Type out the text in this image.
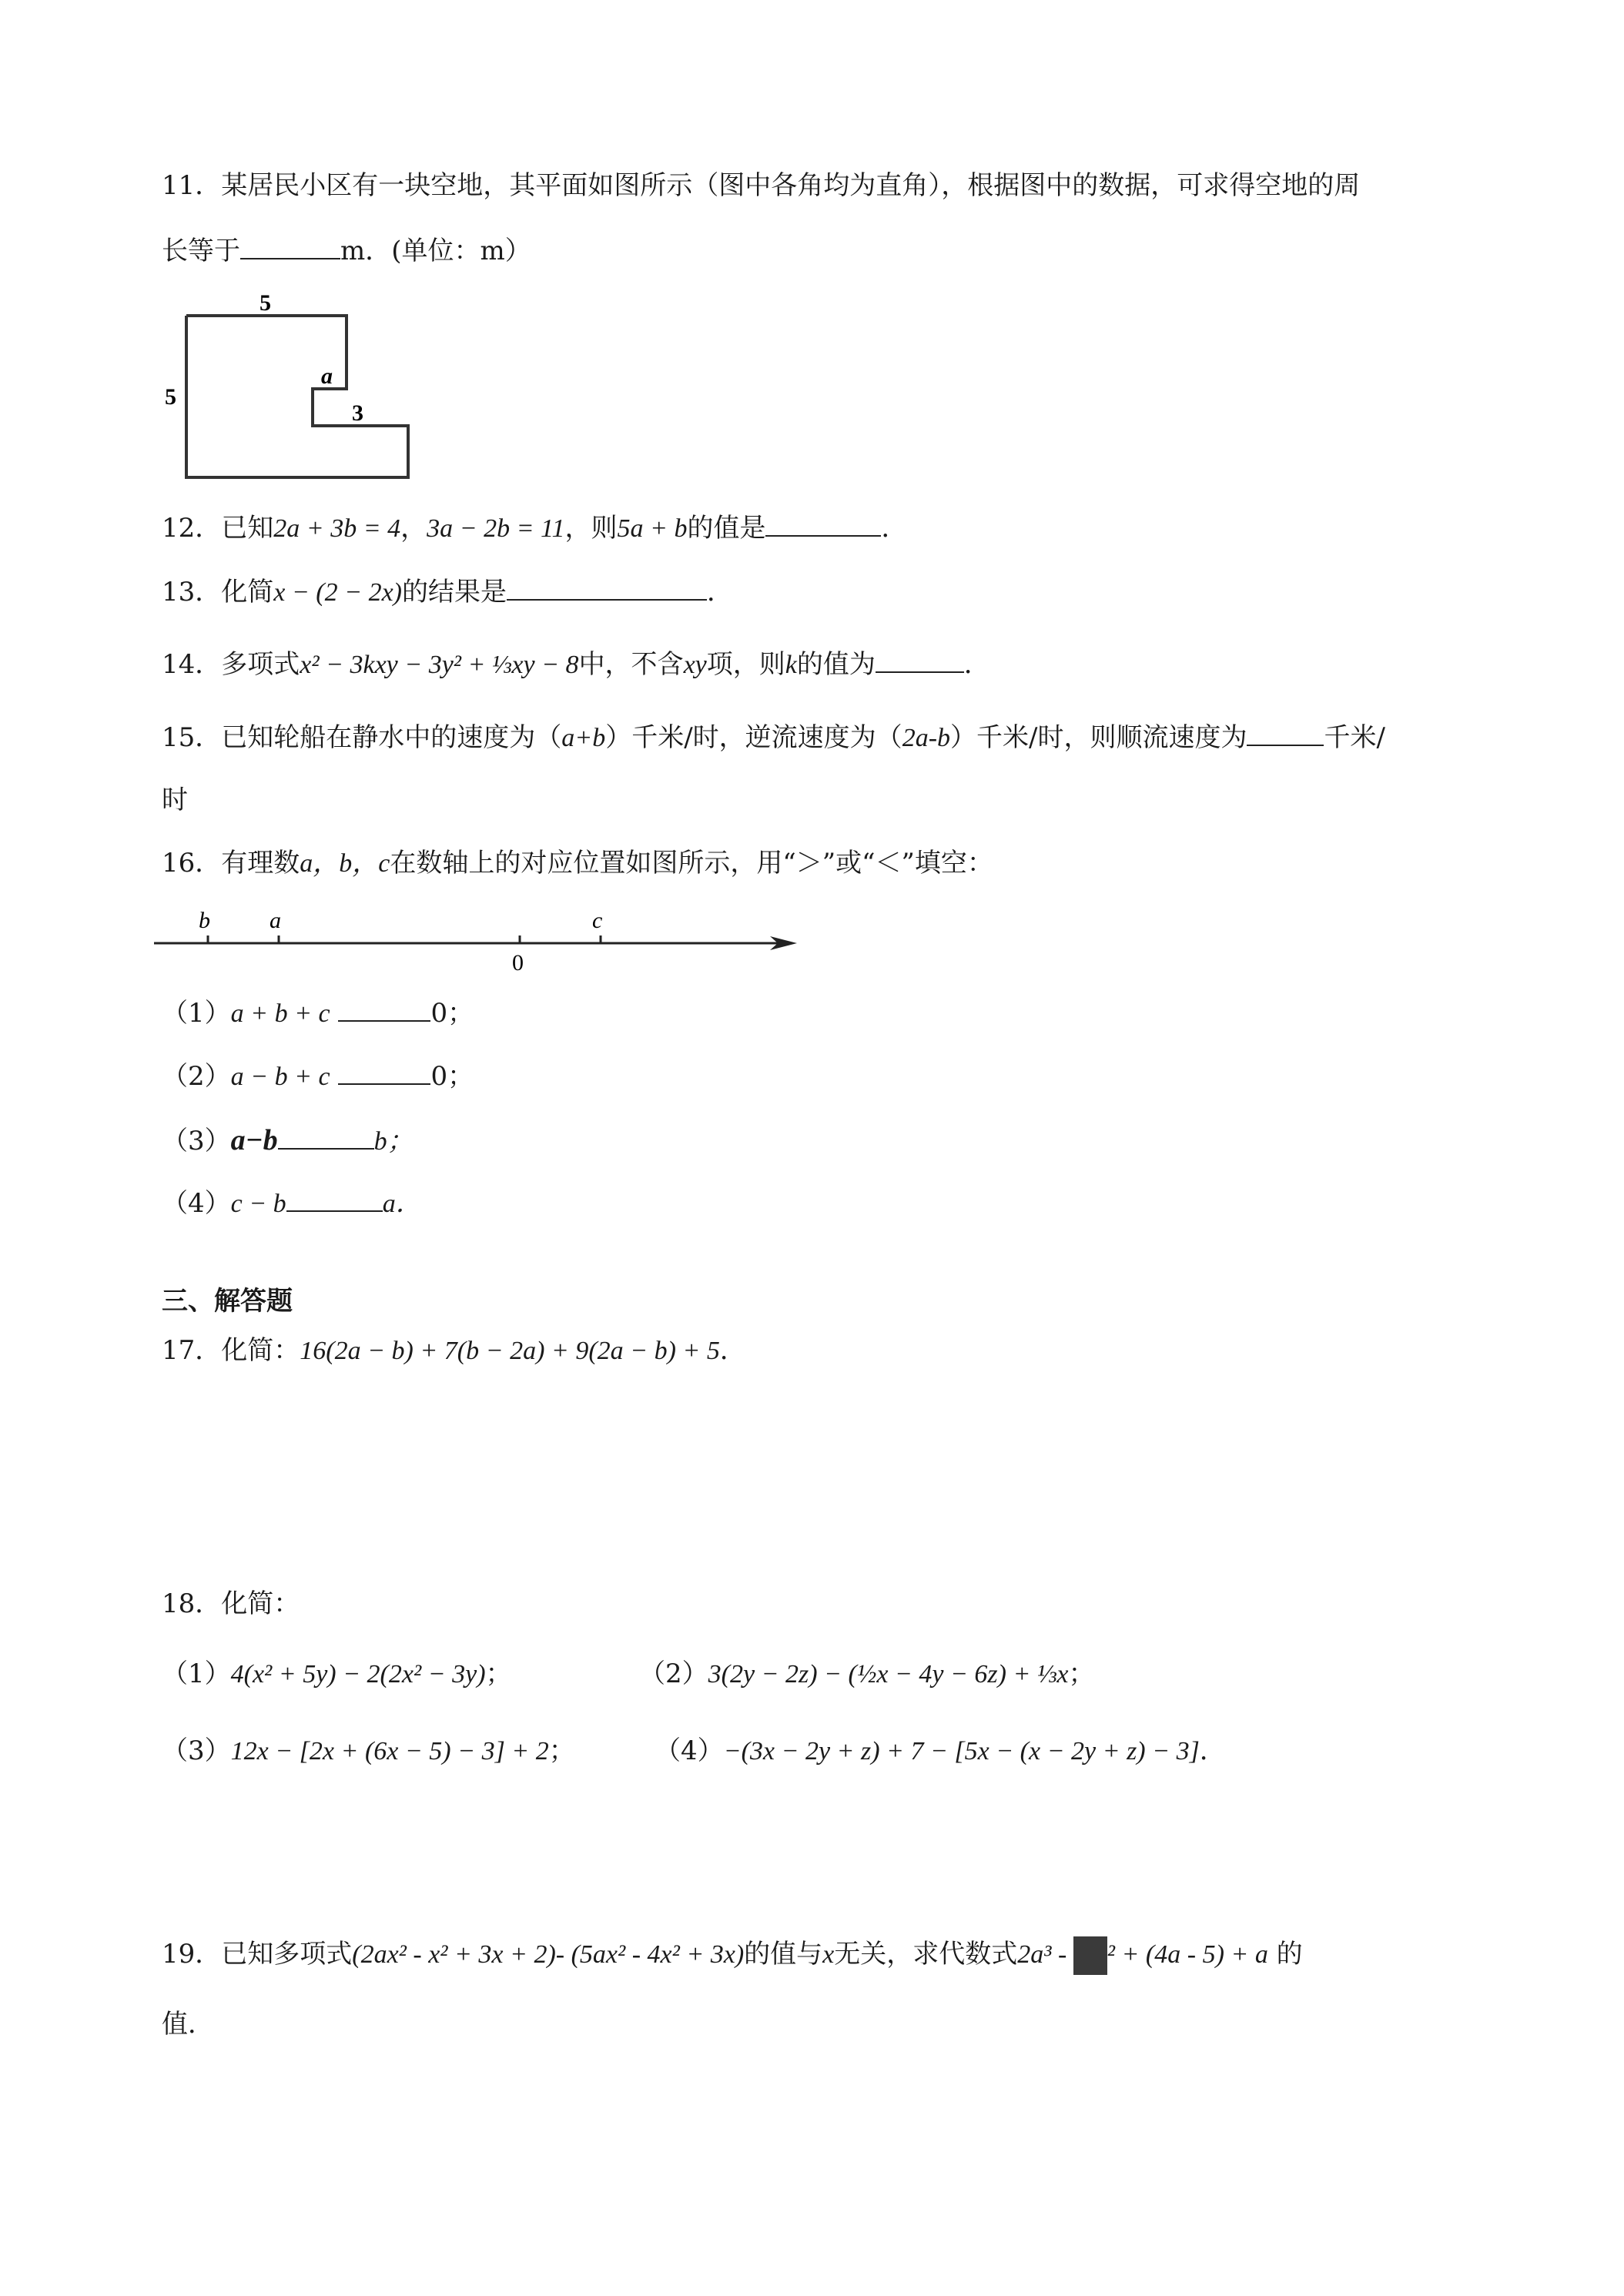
11．某居民小区有一块空地，其平面如图所示（图中各角均为直角），根据图中的数据，可求得空地的周
长等于	m．(单位：m）
5
5
a
3
12．已知2a + 3b = 4，3a − 2b = 11，则5a + b的值是	．
13．化简x − (2 − 2x)的结果是	．
14．多项式x² − 3kxy − 3y² + ⅓xy − 8中，不含xy项，则k的值为	．
15．已知轮船在静水中的速度为（a+b）千米/时，逆流速度为（2a-b）千米/时，则顺流速度为	千米/
时
16．有理数a，b，c在数轴上的对应位置如图所示，用“＞”或“＜”填空：
b	a
0
c
（1）a + b + c	0；
（2）a − b + c	0；
（3）a−b	b；
（4）c − b	a．
三、解答题
17．化简：16(2a − b) + 7(b − 2a) + 9(2a − b) + 5．
18．化简：
（1）4(x² + 5y) − 2(2x² − 3y)；	（2）3(2y − 2z) − (½x − 4y − 6z) + ⅓x；
（3）12x − [2x + (6x − 5) − 3] + 2；	（4）−(3x − 2y + z) + 7 − [5x − (x − 2y + z) − 3]．
19．已知多项式(2ax² - x² + 3x + 2)- (5ax² - 4x² + 3x)的值与x无关，求代数式2a³ - ² + (4a - 5) + a 的
值．
